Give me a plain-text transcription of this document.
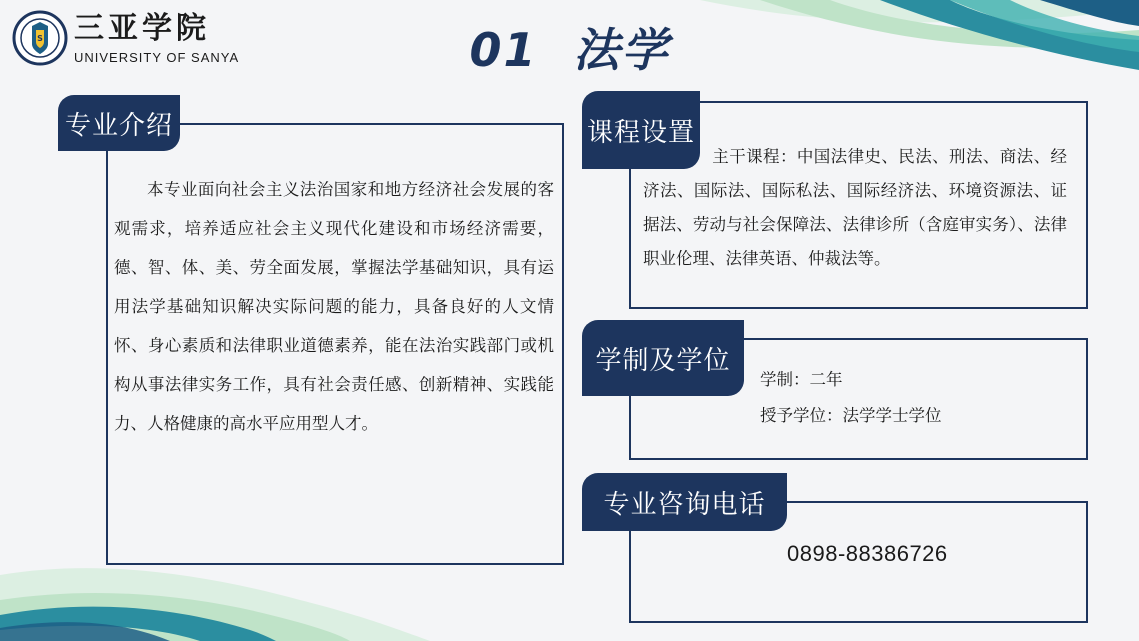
S 三亚学院
UNIVERSITY OF SANYA	01  法学
专业介绍
本专业面向社会主义法治国家和地方经济社会发展的客观需求，培养适应社会主义现代化建设和市场经济需要，德、智、体、美、劳全面发展，掌握法学基础知识，具有运用法学基础知识解决实际问题的能力，具备良好的人文情怀、身心素质和法律职业道德素养，能在法治实践部门或机构从事法律实务工作，具有社会责任感、创新精神、实践能力、人格健康的高水平应用型人才。
课程设置
主干课程：中国法律史、民法、刑法、商法、经济法、国际法、国际私法、国际经济法、环境资源法、证据法、劳动与社会保障法、法律诊所（含庭审实务）、法律职业伦理、法律英语、仲裁法等。
学制及学位
学制：二年
授予学位：法学学士学位
专业咨询电话
0898-88386726
